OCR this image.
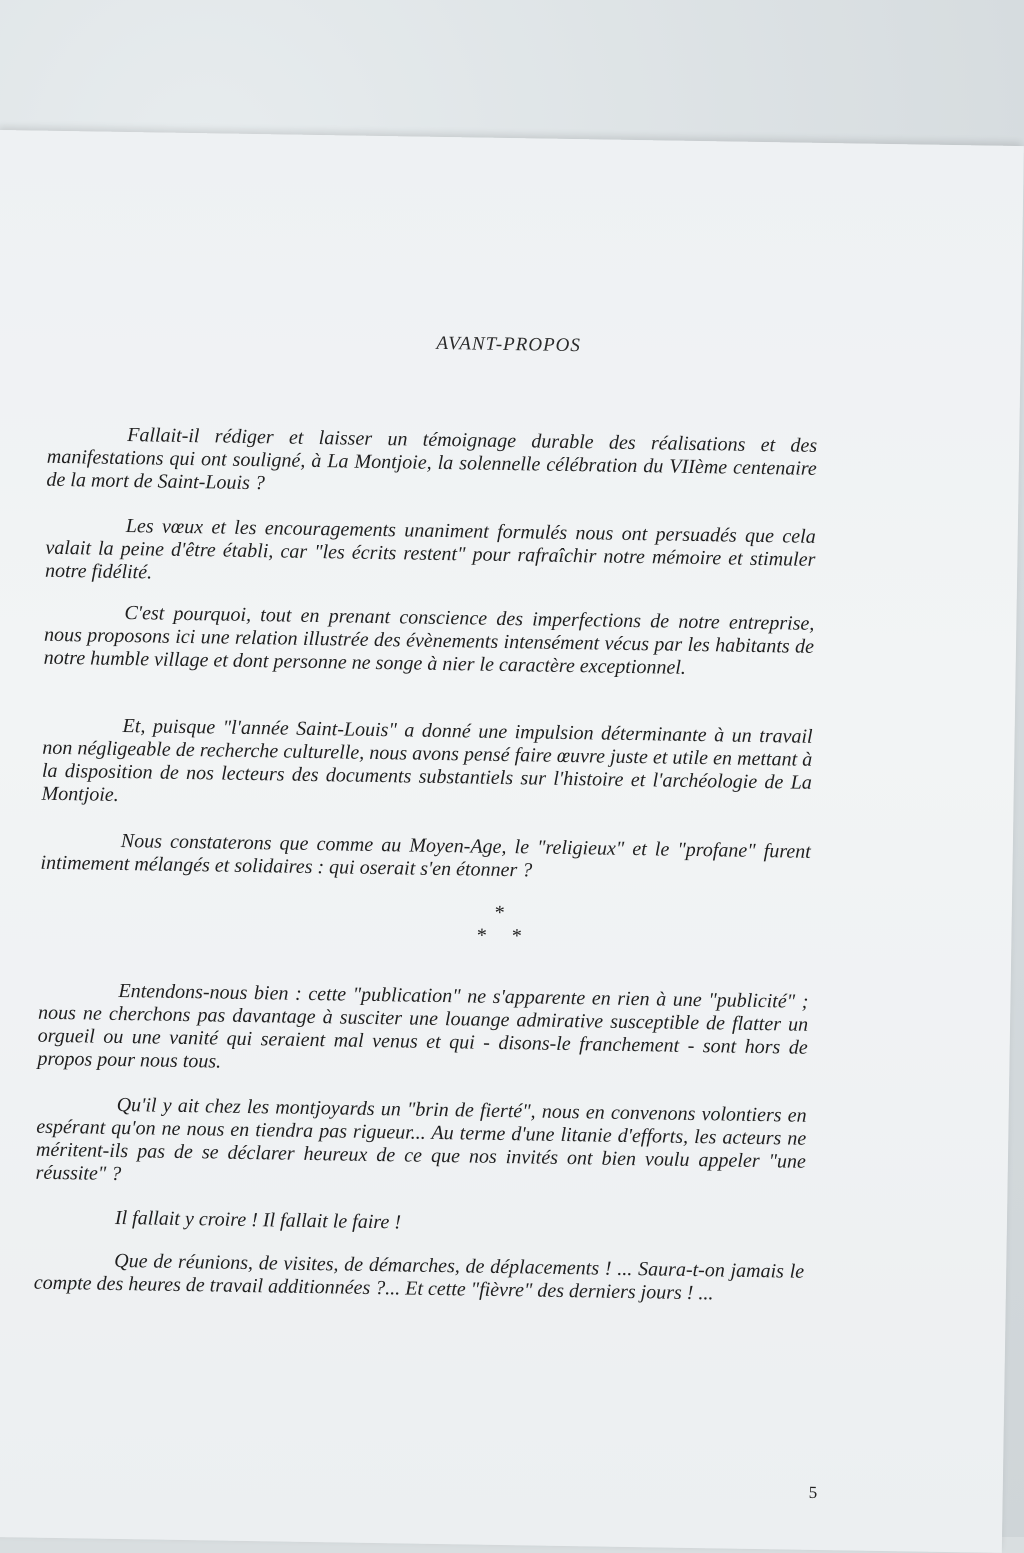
AVANT-PROPOS
Fallait-il rédiger et laisser un témoignage durable des réalisations et des manifestations qui ont souligné, à La Montjoie, la solennelle célébration du VIIème centenaire de la mort de Saint-Louis ?
Les vœux et les encouragements unaniment formulés nous ont persuadés que cela valait la peine d'être établi, car "les écrits restent" pour rafraîchir notre mémoire et stimuler notre fidélité.
C'est pourquoi, tout en prenant conscience des imperfections de notre entreprise, nous proposons ici une relation illustrée des évènements intensément vécus par les habitants de notre humble village et dont personne ne songe à nier le caractère exceptionnel.
Et, puisque "l'année Saint-Louis" a donné une impulsion déterminante à un travail non négligeable de recherche culturelle, nous avons pensé faire œuvre juste et utile en mettant à la disposition de nos lecteurs des documents substantiels sur l'histoire et l'archéologie de La Montjoie.
Nous constaterons que comme au Moyen-Age, le "religieux" et le "profane" furent intimement mélangés et solidaires : qui oserait s'en étonner ?
*
*     *
Entendons-nous bien : cette "publication" ne s'apparente en rien à une "publicité" ; nous ne cherchons pas davantage à susciter une louange admirative susceptible de flatter un orgueil ou une vanité qui seraient mal venus et qui - disons-le franchement - sont hors de propos pour nous tous.
Qu'il y ait chez les montjoyards un "brin de fierté", nous en convenons volontiers en espérant qu'on ne nous en tiendra pas rigueur... Au terme d'une litanie d'efforts, les acteurs ne méritent-ils pas de se déclarer heureux de ce que nos invités ont bien voulu appeler "une réussite" ?
Il fallait y croire ! Il fallait le faire !
Que de réunions, de visites, de démarches, de déplacements ! ... Saura-t-on jamais le compte des heures de travail additionnées ?... Et cette "fièvre" des derniers jours ! ...
5
